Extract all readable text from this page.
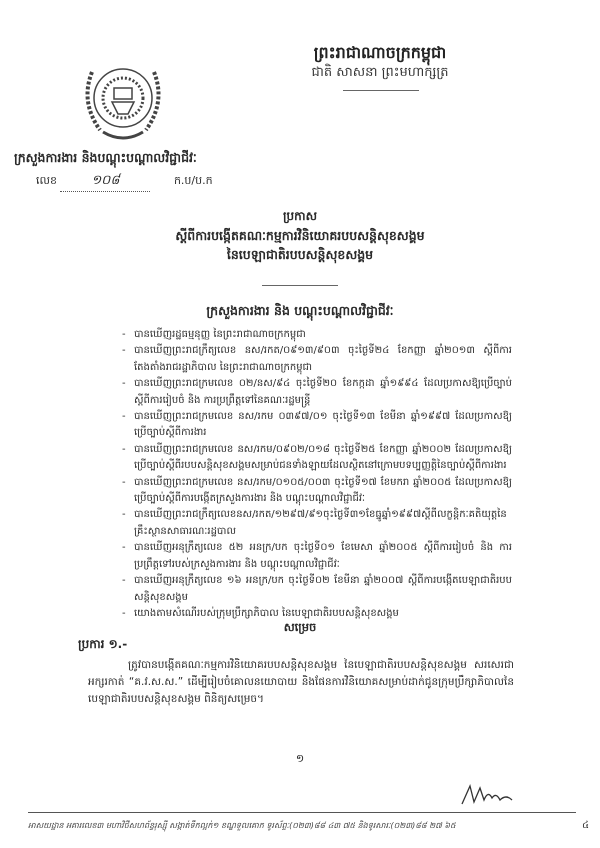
ព្រះរាជាណាចក្រកម្ពុជា
ជាតិ សាសនា ព្រះមហាក្សត្រ
ក្រសួងការងារ និងបណ្តុះបណ្តាលវិជ្ជាជីវៈ
លេខ	១០៨	ក.ប/ប.ក
ប្រកាស
ស្តីពីការបង្កើតគណៈកម្មការវិនិយោគរបបសន្តិសុខសង្គម
នៃបេឡាជាតិរបបសន្តិសុខសង្គម
ក្រសួងការងារ និង បណ្តុះបណ្តាលវិជ្ជាជីវៈ
- បានឃើញរដ្ឋធម្មនុញ្ញ នៃព្រះរាជាណាចក្រកម្ពុជា
- បានឃើញព្រះរាជក្រឹត្យលេខ នស/រកត/០៩១៣/៩០៣ ចុះថ្ងៃទី២៤ ខែកញ្ញា ឆ្នាំ២០១៣ ស្តីពីការតែងតាំងរាជរដ្ឋាភិបាល នៃព្រះរាជាណាចក្រកម្ពុជា
- បានឃើញព្រះរាជក្រមលេខ ០២/នស/៩៤ ចុះថ្ងៃទី២០ ខែកក្កដា ឆ្នាំ១៩៩៤ ដែលប្រកាសឱ្យប្រើច្បាប់ស្តីពីការរៀបចំ និង ការប្រព្រឹត្តទៅនៃគណៈរដ្ឋមន្ត្រី
- បានឃើញព្រះរាជក្រមលេខ នស/រកម ០៣៩៧/០១ ចុះថ្ងៃទី១៣ ខែមីនា ឆ្នាំ១៩៩៧ ដែលប្រកាសឱ្យប្រើច្បាប់ស្តីពីការងារ
- បានឃើញព្រះរាជក្រមលេខ នស/រកម/០៩០២/០១៨ ចុះថ្ងៃទី២៥ ខែកញ្ញា ឆ្នាំ២០០២ ដែលប្រកាសឱ្យប្រើច្បាប់ស្តីពីរបបសន្តិសុខសង្គមសម្រាប់ជនទាំងឡាយដែលស្ថិតនៅក្រោមបទប្បញ្ញត្តិនៃច្បាប់ស្តីពីការងារ
- បានឃើញព្រះរាជក្រមលេខ នស/រកម/០១០៥/០០៣ ចុះថ្ងៃទី១៧ ខែមករា ឆ្នាំ២០០៥ ដែលប្រកាសឱ្យប្រើច្បាប់ស្តីពីការបង្កើតក្រសួងការងារ និង បណ្តុះបណ្តាលវិជ្ជាជីវៈ
- បានឃើញព្រះរាជក្រឹត្យលេខនស/រកត/១២៩៧/៩១ចុះថ្ងៃទី៣១ខែធ្នូឆ្នាំ១៩៩៧ស្តីពីលក្ខន្តិកៈគតិយុត្តនៃគ្រឹះស្ថានសាធារណៈរដ្ឋបាល
- បានឃើញអនុក្រឹត្យលេខ ៥២ អនក្រ/បក ចុះថ្ងៃទី០១ ខែមេសា ឆ្នាំ២០០៥ ស្តីពីការរៀបចំ និង ការប្រព្រឹត្តទៅរបស់ក្រសួងការងារ និង បណ្តុះបណ្តាលវិជ្ជាជីវៈ
- បានឃើញអនុក្រឹត្យលេខ ១៦ អនក្រ/បក ចុះថ្ងៃទី០២ ខែមីនា ឆ្នាំ២០០៧ ស្តីពីការបង្កើតបេឡាជាតិរបបសន្តិសុខសង្គម
- យោងតាមសំណើរបស់ក្រុមប្រឹក្សាភិបាល នៃបេឡាជាតិរបបសន្តិសុខសង្គម
សម្រេច
ប្រការ ១.-
ត្រូវបានបង្កើតគណៈកម្មការវិនិយោគរបបសន្តិសុខសង្គម នៃបេឡាជាតិរបបសន្តិសុខសង្គម សរសេរជាអក្សរកាត់ “គ.វ.ស.ស.” ដើម្បីរៀបចំគោលនយោបាយ និងផែនការវិនិយោគសម្រាប់ដាក់ជូនក្រុមប្រឹក្សាភិបាលនៃបេឡាជាតិរបបសន្តិសុខសង្គម ពិនិត្យសម្រេច។
១
អាសយដ្ឋាន អគារលេខ៣ មហាវិថីសហព័ន្ធរុស្ស៊ី សង្កាត់ទឹកល្អក់១ ខណ្ឌទួលគោក ទូរស័ព្ទៈ(០២៣)៨៨ ៤៣ ៧៥ និងទូរសារៈ(០២៣)៨៨ ២៧ ៦៥	៤
